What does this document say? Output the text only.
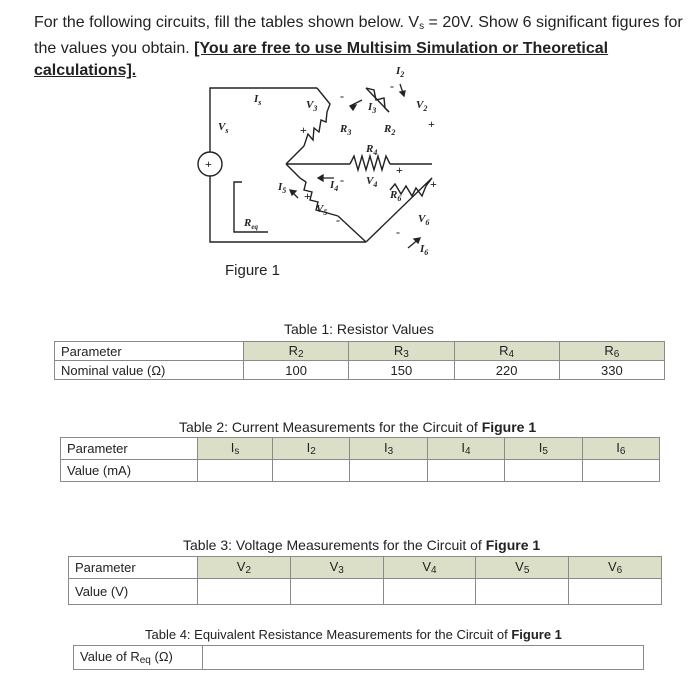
For the following circuits, fill the tables shown below. $V_s = 20V$. Show 6 significant figures for
the values you obtain. [You are free to use Multisim Simulation or Theoretical calculations].
+
$I_s$
$V_s$
$V_3$
$R_3$
$I_3$
$I_2$
$V_2$
$R_2$
$R_4$
$V_4$
$I_4$
$R_6$
$V_6$
$I_6$
$I_5$
$V_5$
$R_{eq}$
+
-
-
+
+
-	+
-
+
-
Figure 1
Table 1: Resistor Values
Parameter	$R_2$	$R_3$	$R_4$	$R_6$
Nominal value (Ω)	100	150	220	330
Table 2: Current Measurements for the Circuit of Figure 1
Parameter	$I_s$	$I_2$	$I_3$	$I_4$	$I_5$	$I_6$
Value (mA)						
Table 3: Voltage Measurements for the Circuit of Figure 1
Parameter	$V_2$	$V_3$	$V_4$	$V_5$	$V_6$
Value (V)					
Table 4: Equivalent Resistance Measurements for the Circuit of Figure 1
Value of $R_{eq}$ (Ω)	
